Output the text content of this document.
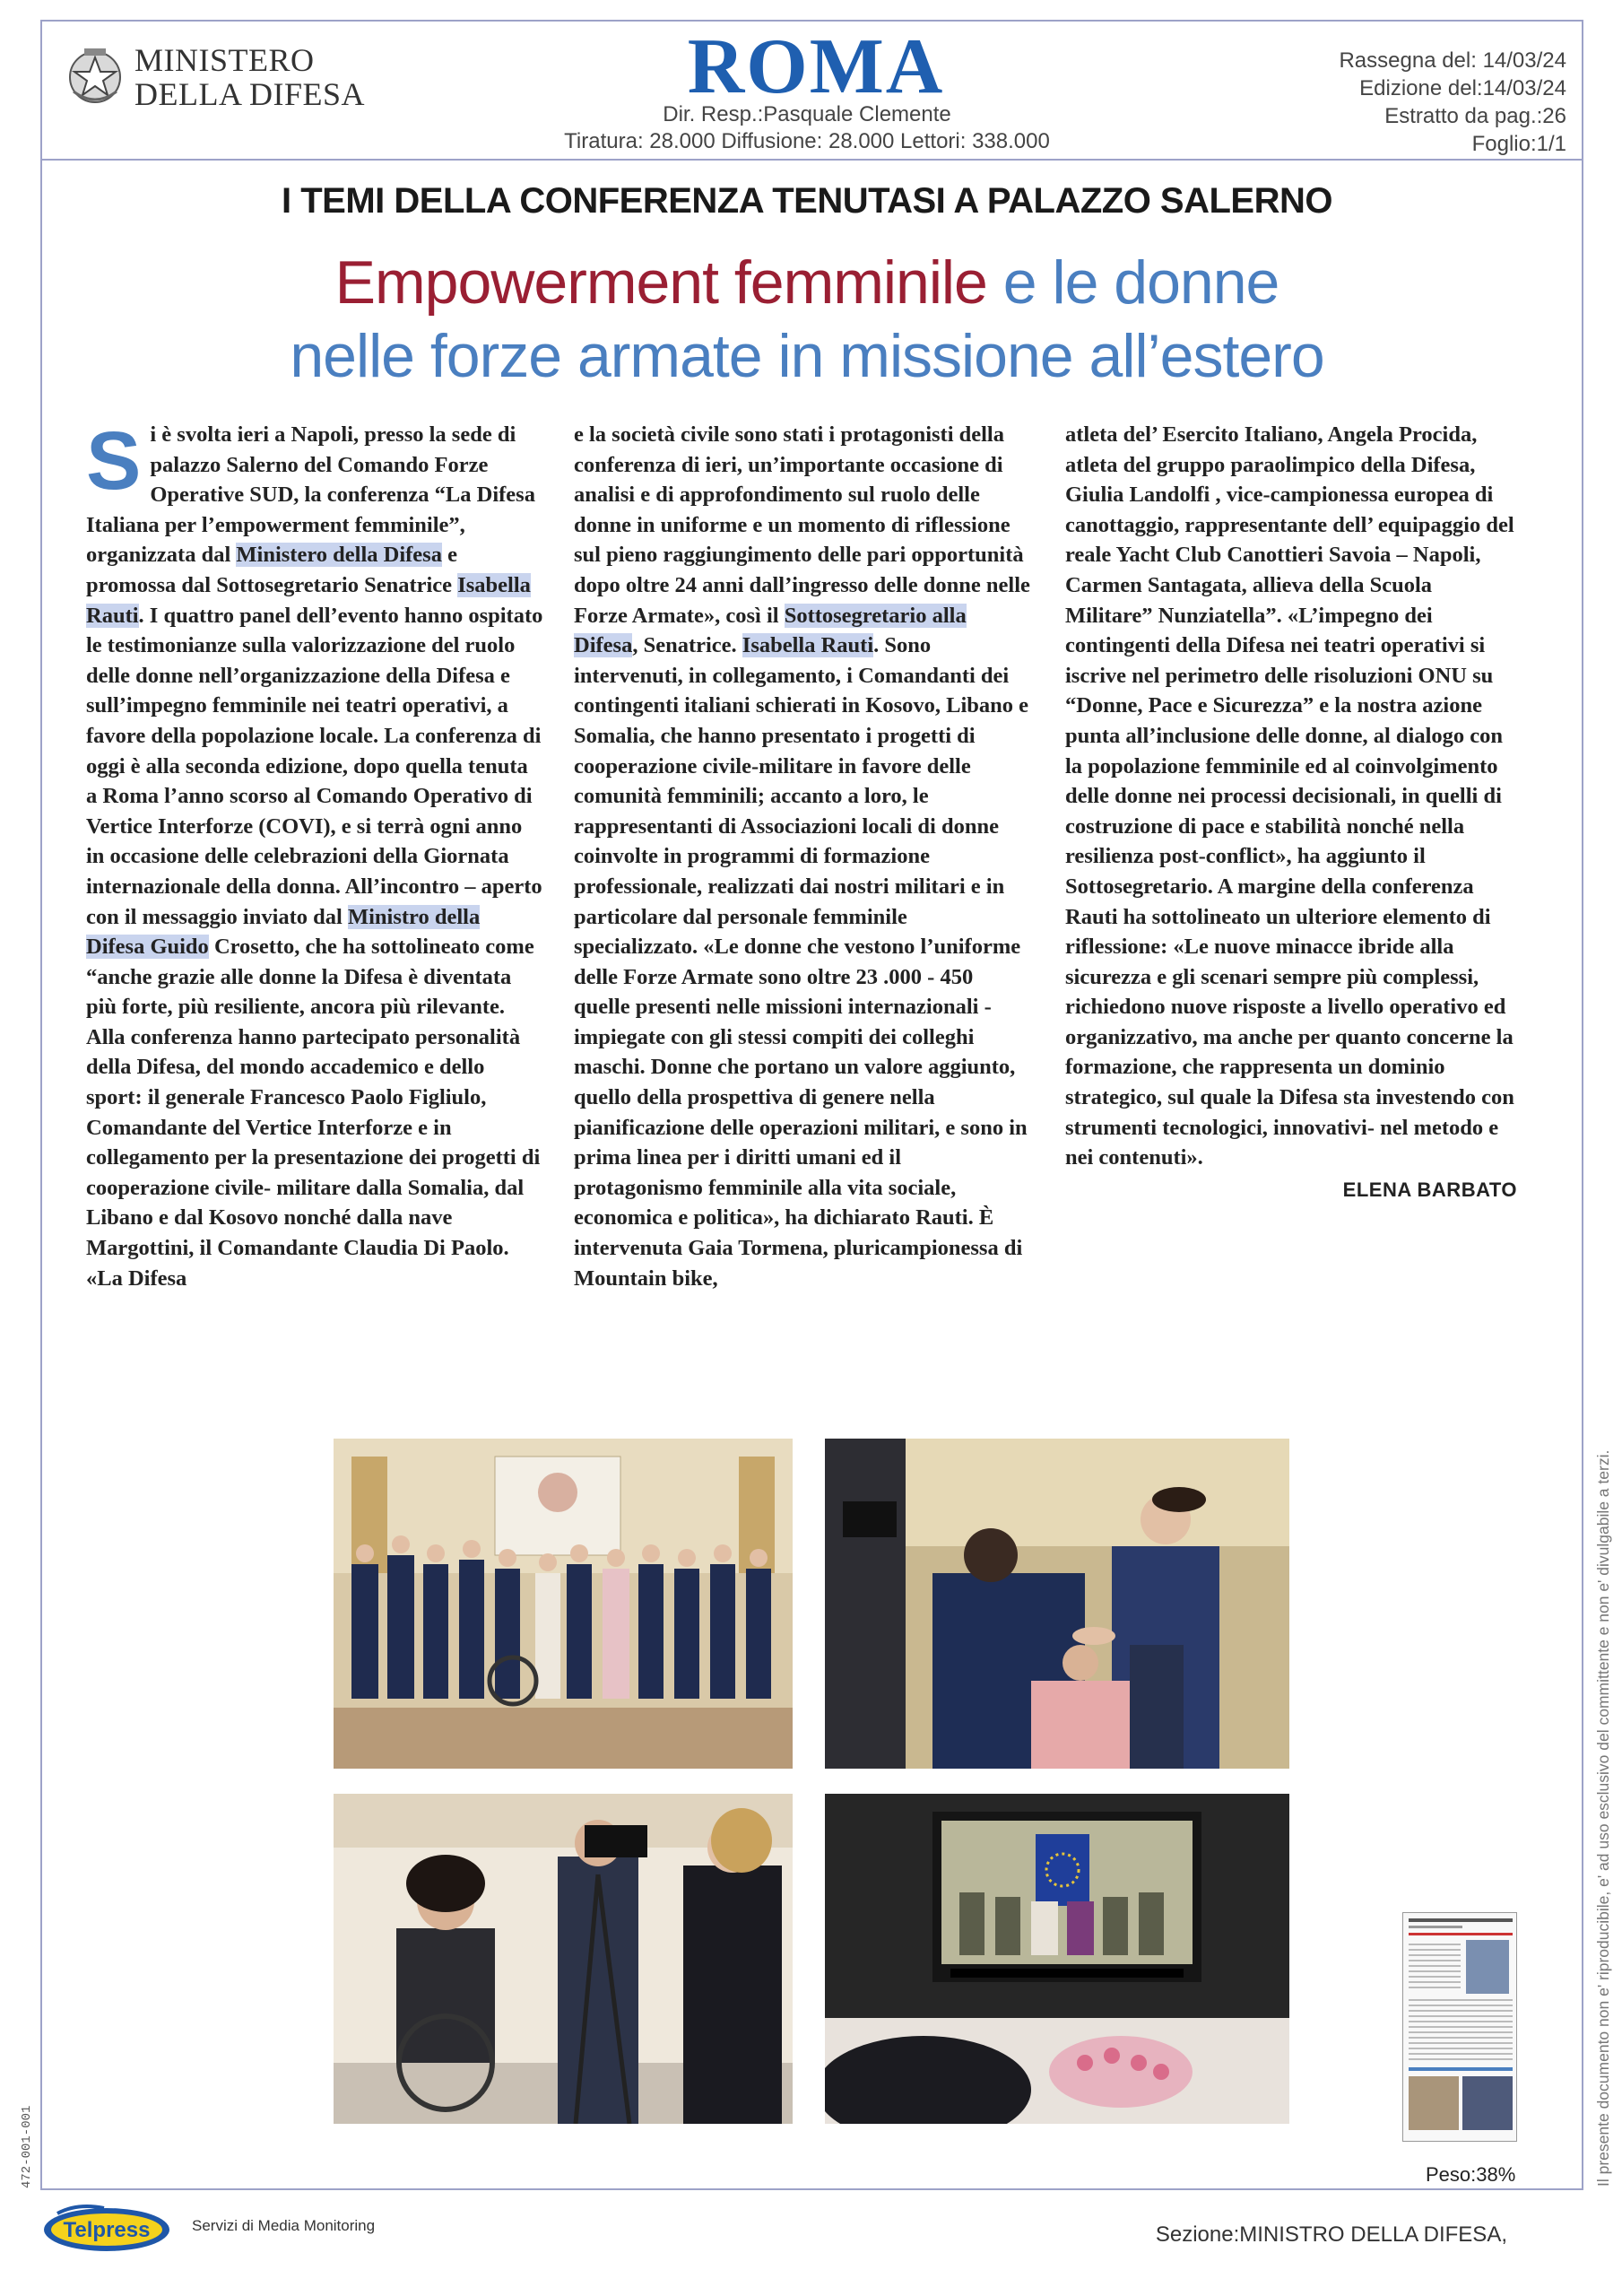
MINISTERO
DELLA DIFESA	ROMA
Dir. Resp.:Pasquale Clemente
Tiratura: 28.000 Diffusione: 28.000 Lettori: 338.000
Rassegna del: 14/03/24
Edizione del:14/03/24
Estratto da pag.:26
Foglio:1/1
I TEMI DELLA CONFERENZA TENUTASI A PALAZZO SALERNO
Empowerment femminile e le donne
nelle forze armate in missione all’estero
Si è svolta ieri a Napoli, presso la sede di palazzo Salerno del Comando Forze Operative SUD, la conferenza “La Difesa Italiana per l’empowerment femminile”, organizzata dal Ministero della Difesa e promossa dal Sottosegretario Senatrice Isabella Rauti. I quattro panel dell’evento hanno ospitato le testimonianze sulla valorizzazione del ruolo delle donne nell’organizzazione della Difesa e sull’impegno femminile nei teatri operativi, a favore della popolazione locale. La conferenza di oggi è alla seconda edizione, dopo quella tenuta a Roma l’anno scorso al Comando Operativo di Vertice Interforze (COVI), e si terrà ogni anno in occasione delle celebrazioni della Giornata internazionale della donna. All’incontro – aperto con il messaggio inviato dal Ministro della Difesa Guido Crosetto, che ha sottolineato come “anche grazie alle donne la Difesa è diventata più forte, più resiliente, ancora più rilevante. Alla conferenza hanno partecipato personalità della Difesa, del mondo accademico e dello sport: il generale Francesco Paolo Figliulo, Comandante del Vertice Interforze e in collegamento per la presentazione dei progetti di cooperazione civile- militare dalla Somalia, dal Libano e dal Kosovo nonché dalla nave Margottini, il Comandante Claudia Di Paolo. «La Difesa
e la società civile sono stati i protagonisti della conferenza di ieri, un’importante occasione di analisi e di approfondimento sul ruolo delle donne in uniforme e un momento di riflessione sul pieno raggiungimento delle pari opportunità dopo oltre 24 anni dall’ingresso delle donne nelle Forze Armate», così il Sottosegretario alla Difesa, Senatrice. Isabella Rauti. Sono intervenuti, in collegamento, i Comandanti dei contingenti italiani schierati in Kosovo, Libano e Somalia, che hanno presentato i progetti di cooperazione civile-militare in favore delle comunità femminili; accanto a loro, le rappresentanti di Associazioni locali di donne coinvolte in programmi di formazione professionale, realizzati dai nostri militari e in particolare dal personale femminile specializzato. «Le donne che vestono l’uniforme delle Forze Armate sono oltre 23 .000 - 450 quelle presenti nelle missioni internazionali - impiegate con gli stessi compiti dei colleghi maschi. Donne che portano un valore aggiunto, quello della prospettiva di genere nella pianificazione delle operazioni militari, e sono in prima linea per i diritti umani ed il protagonismo femminile alla vita sociale, economica e politica», ha dichiarato Rauti. È intervenuta Gaia Tormena, pluricampionessa di Mountain bike,
atleta del’ Esercito Italiano, Angela Procida, atleta del gruppo paraolimpico della Difesa, Giulia Landolfi , vice-campionessa europea di canottaggio, rappresentante dell’ equipaggio del reale Yacht Club Canottieri Savoia – Napoli, Carmen Santagata, allieva della Scuola Militare” Nunziatella”. «L’impegno dei contingenti della Difesa nei teatri operativi si iscrive nel perimetro delle risoluzioni ONU su “Donne, Pace e Sicurezza” e la nostra azione punta all’inclusione delle donne, al dialogo con la popolazione femminile ed al coinvolgimento delle donne nei processi decisionali, in quelli di costruzione di pace e stabilità nonché nella resilienza post-conflict», ha aggiunto il Sottosegretario. A margine della conferenza Rauti ha sottolineato un ulteriore elemento di riflessione: «Le nuove minacce ibride alla sicurezza e gli scenari sempre più complessi, richiedono nuove risposte a livello operativo ed organizzativo, ma anche per quanto concerne la formazione, che rappresenta un dominio strategico, sul quale la Difesa sta investendo con strumenti tecnologici, innovativi- nel metodo e nei contenuti».
ELENA BARBATO
Peso:38%	Il presente documento non e' riproducibile, e' ad uso esclusivo del committente e non e' divulgabile a terzi.
472-001-001
Telpress	Servizi di Media Monitoring	Sezione:MINISTRO DELLA DIFESA,
